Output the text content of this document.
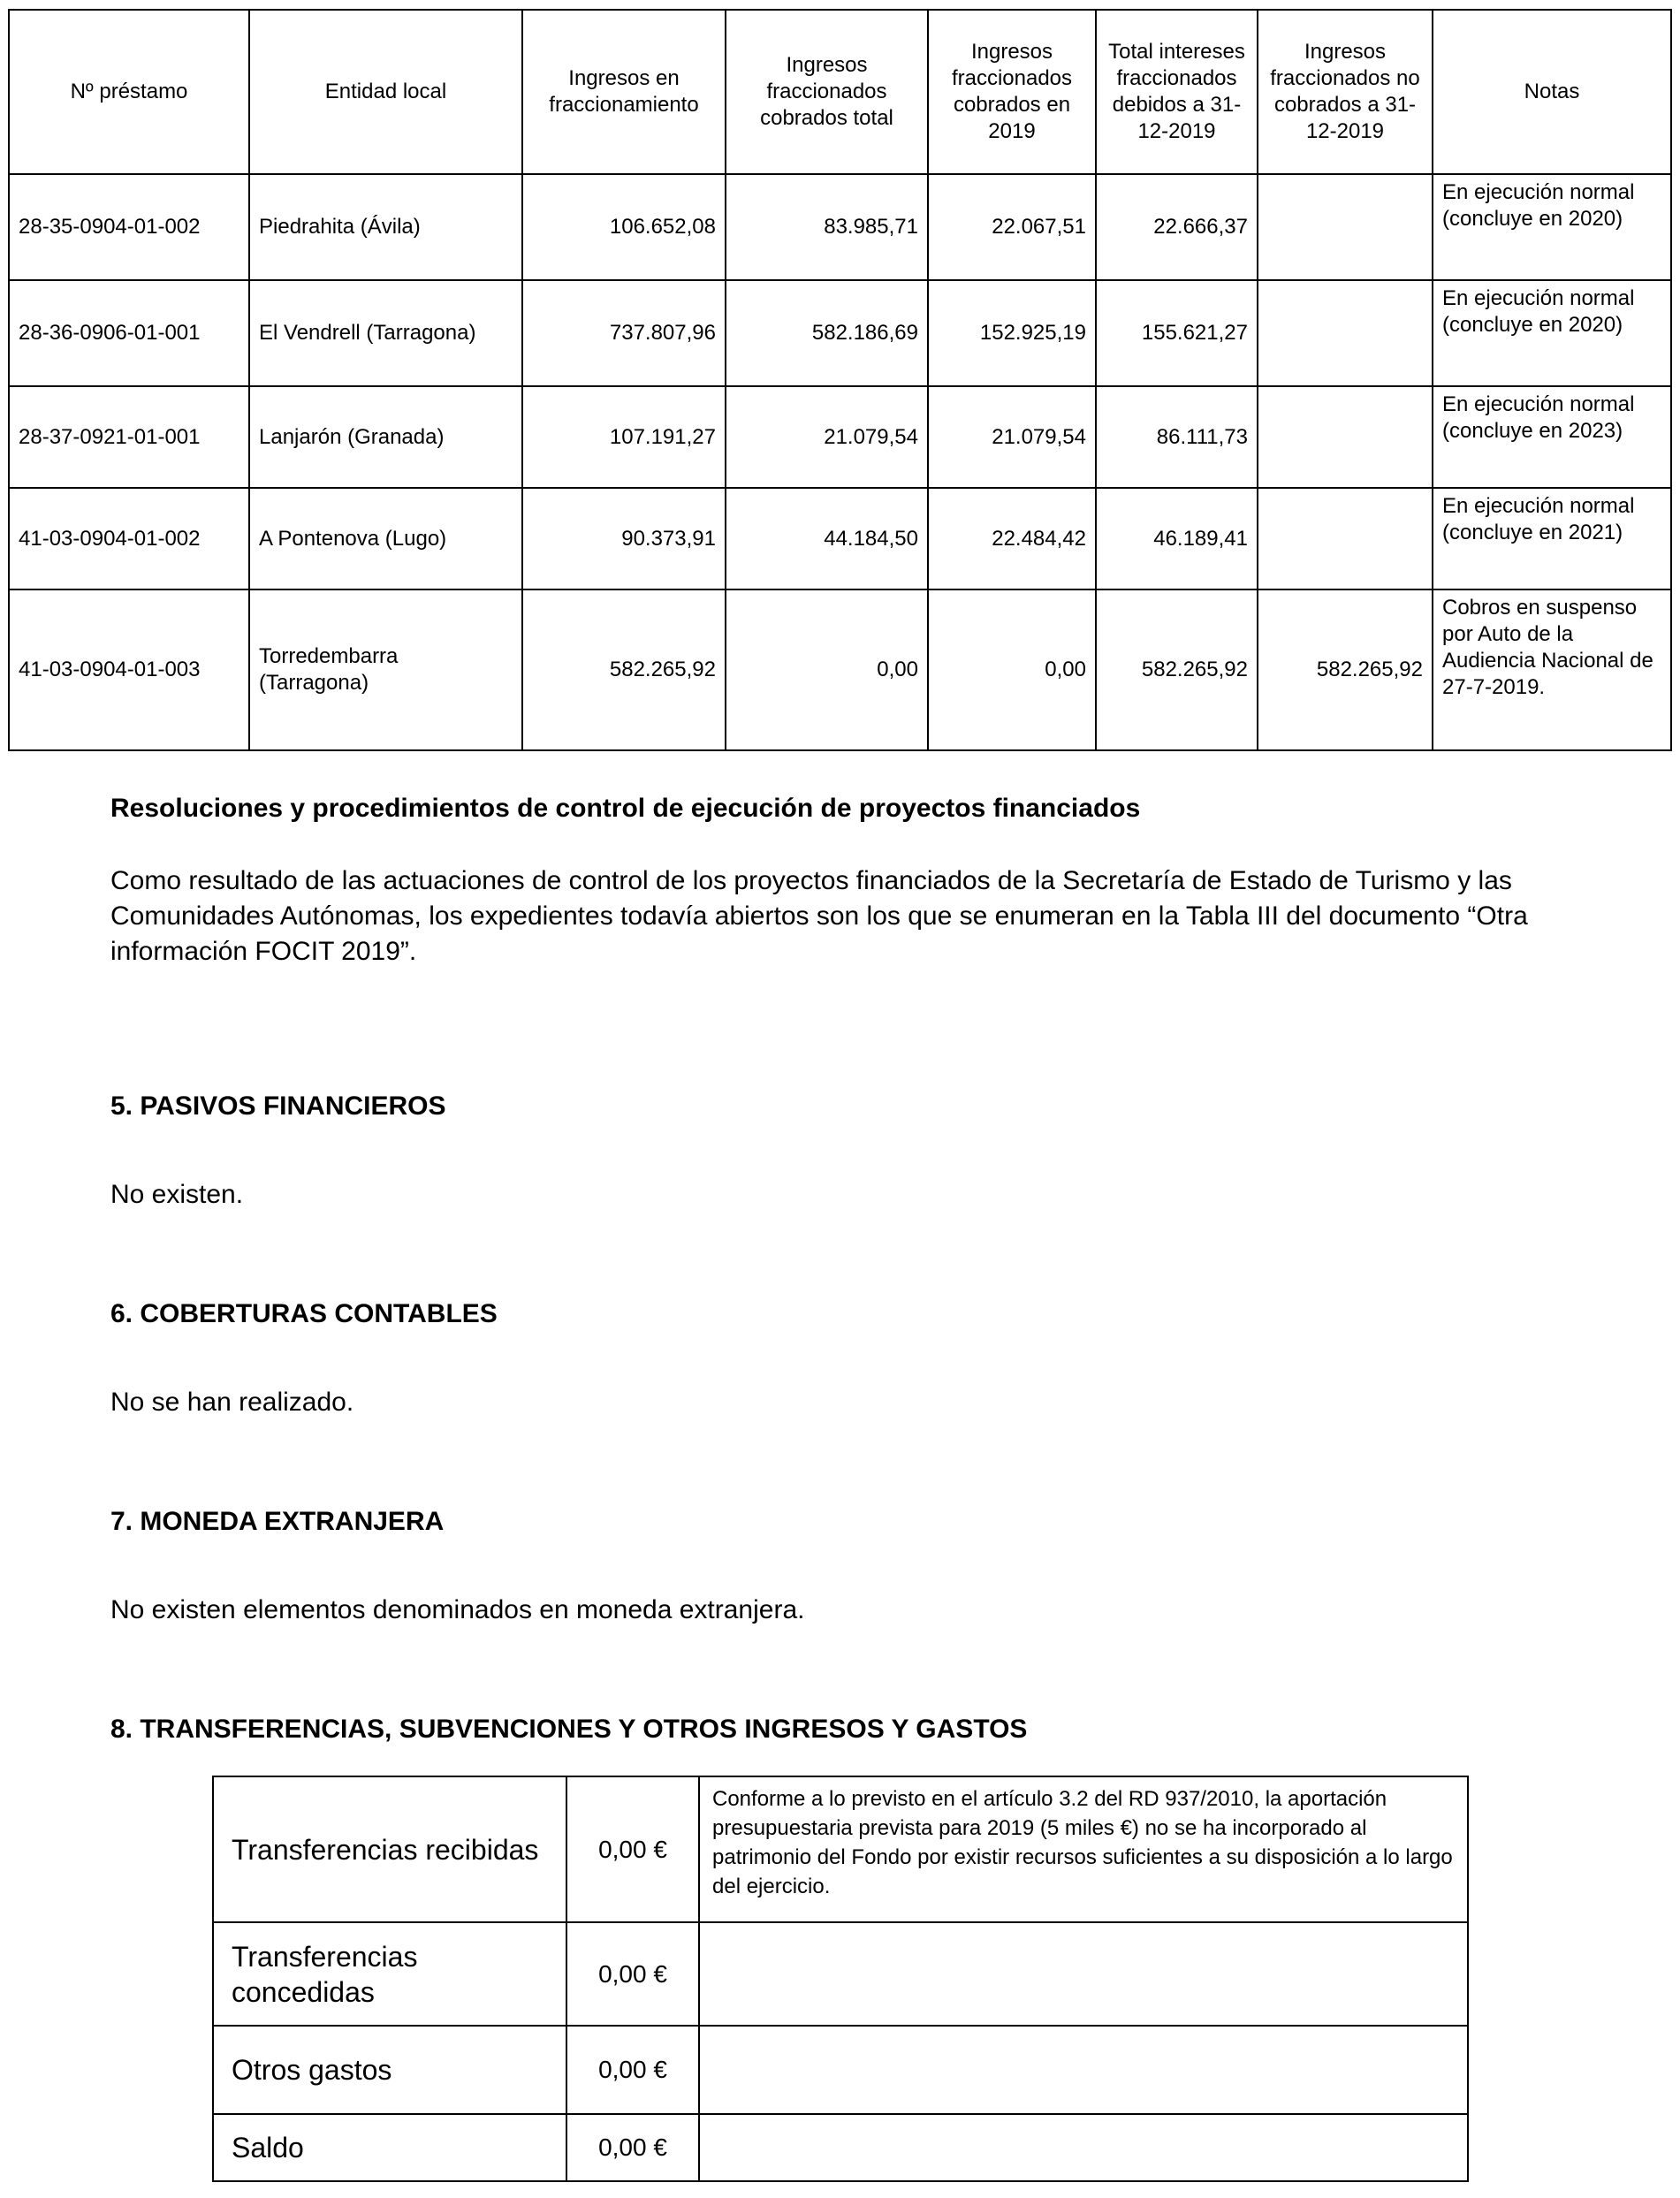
Nº préstamo	Entidad local	Ingresos en fraccionamiento	Ingresos fraccionados cobrados total	Ingresos fraccionados cobrados en 2019	Total intereses fraccionados debidos a 31-12-2019	Ingresos fraccionados no cobrados a 31-12-2019	Notas
28-35-0904-01-002	Piedrahita (Ávila)	106.652,08	83.985,71	22.067,51	22.666,37		En ejecución normal (concluye en 2020)
28-36-0906-01-001	El Vendrell (Tarragona)	737.807,96	582.186,69	152.925,19	155.621,27		En ejecución normal (concluye en 2020)
28-37-0921-01-001	Lanjarón (Granada)	107.191,27	21.079,54	21.079,54	86.111,73		En ejecución normal (concluye en 2023)
41-03-0904-01-002	A Pontenova (Lugo)	90.373,91	44.184,50	22.484,42	46.189,41		En ejecución normal (concluye en 2021)
41-03-0904-01-003	Torredembarra (Tarragona)	582.265,92	0,00	0,00	582.265,92	582.265,92	Cobros en suspenso por Auto de la Audiencia Nacional de 27-7-2019.
Resoluciones y procedimientos de control de ejecución de proyectos financiados

Como resultado de las actuaciones de control de los proyectos financiados de la Secretaría de Estado de Turismo y las Comunidades Autónomas, los expedientes todavía abiertos son los que se enumeran en la Tabla III del documento “Otra información FOCIT 2019”.

5. PASIVOS FINANCIEROS

No existen.

6. COBERTURAS CONTABLES

No se han realizado.

7. MONEDA EXTRANJERA

No existen elementos denominados en moneda extranjera.

8. TRANSFERENCIAS, SUBVENCIONES Y OTROS INGRESOS Y GASTOS
Transferencias recibidas	0,00 €	Conforme a lo previsto en el artículo 3.2 del RD 937/2010, la aportación presupuestaria prevista para 2019 (5 miles €) no se ha incorporado al patrimonio del Fondo por existir recursos suficientes a su disposición a lo largo del ejercicio.
Transferencias concedidas	0,00 €	
Otros gastos	0,00 €	
Saldo	0,00 €	
